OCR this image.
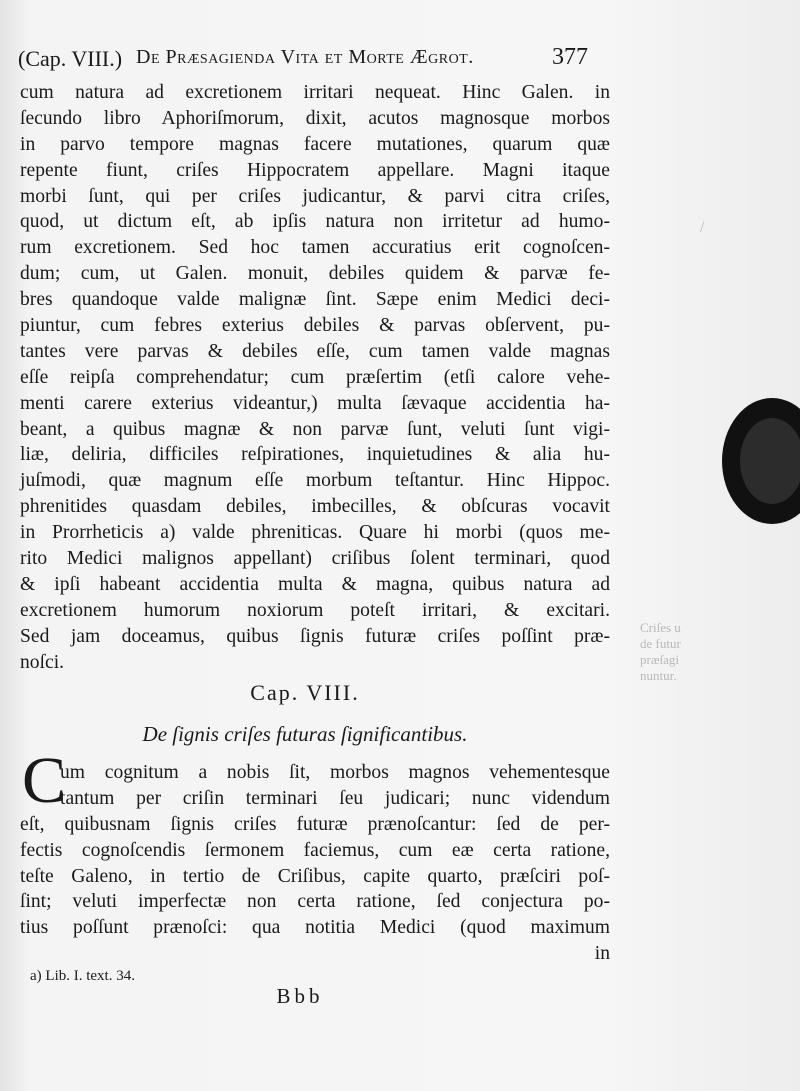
(Cap. VIII.) De Præsagienda Vita et Morte Ægrot.	377
cum natura ad excretionem irritari nequeat. Hinc Galen. in
ſecundo libro Aphoriſmorum, dixit, acutos magnosque morbos
in parvo tempore magnas facere mutationes, quarum quæ
repente fiunt, criſes Hippocratem appellare. Magni itaque
morbi ſunt, qui per criſes judicantur, & parvi citra criſes,
quod, ut dictum eſt, ab ipſis natura non irritetur ad humo-
rum excretionem. Sed hoc tamen accuratius erit cognoſcen-
dum; cum, ut Galen. monuit, debiles quidem & parvæ fe-
bres quandoque valde malignæ ſint. Sæpe enim Medici deci-
piuntur, cum febres exterius debiles & parvas obſervent, pu-
tantes vere parvas & debiles eſſe, cum tamen valde magnas
eſſe reipſa comprehendatur; cum præſertim (etſi calore vehe-
menti carere exterius videantur,) multa ſævaque accidentia ha-
beant, a quibus magnæ & non parvæ ſunt, veluti ſunt vigi-
liæ, deliria, difficiles reſpirationes, inquietudines & alia hu-
juſmodi, quæ magnum eſſe morbum teſtantur. Hinc Hippoc.
phrenitides quasdam debiles, imbecilles, & obſcuras vocavit
in Prorrheticis a) valde phreniticas. Quare hi morbi (quos me-
rito Medici malignos appellant) criſibus ſolent terminari, quod
& ipſi habeant accidentia multa & magna, quibus natura ad
excretionem humorum noxiorum poteſt irritari, & excitari.
Sed jam doceamus, quibus ſignis futuræ criſes poſſint præ-
noſci.
Cap. VIII.
De ſignis criſes futuras ſignificantibus.
C
um cognitum a nobis ſit, morbos magnos vehementesque
tantum per criſin terminari ſeu judicari; nunc videndum
eſt, quibusnam ſignis criſes futuræ prænoſcantur: ſed de per-
fectis cognoſcendis ſermonem faciemus, cum eæ certa ratione,
teſte Galeno, in tertio de Criſibus, capite quarto, præſciri poſ-
ſint; veluti imperfectæ non certa ratione, ſed conjectura po-
tius poſſunt prænoſci: qua notitia Medici (quod maximum
in
a) Lib. I. text. 34.
Bbb
Criſes u
de futur
præſagi
nuntur.
/
